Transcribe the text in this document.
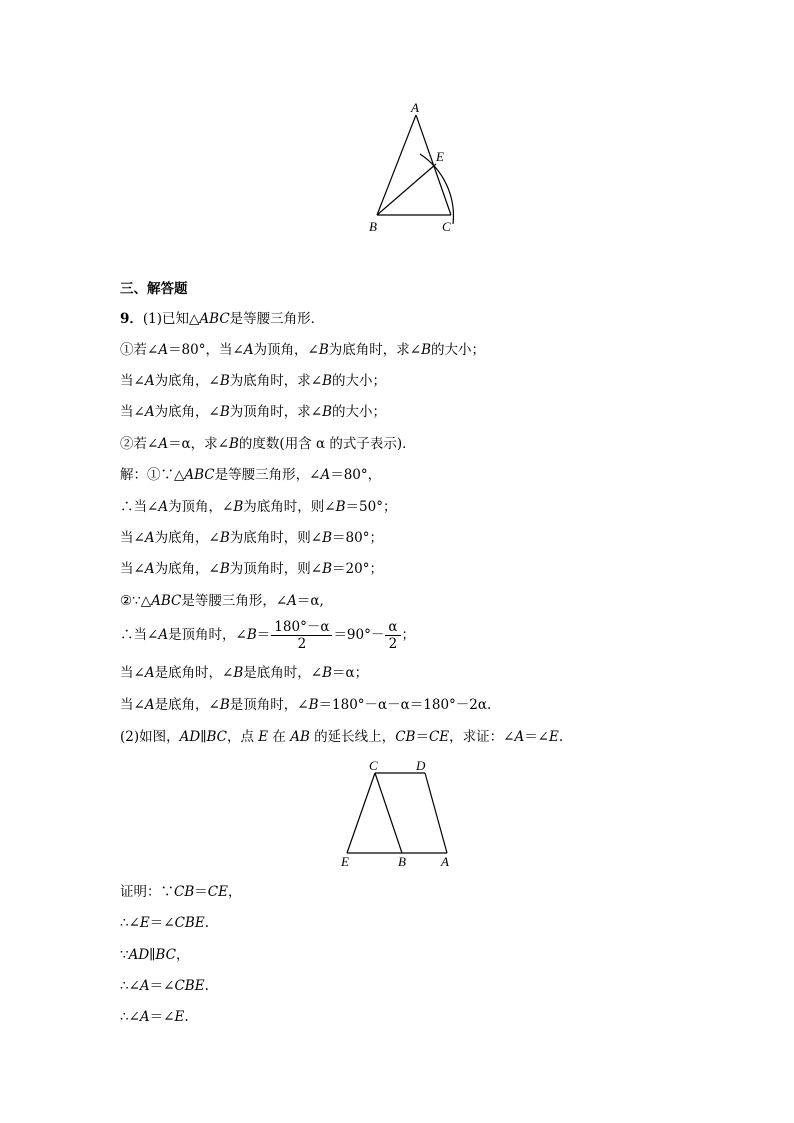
A
E
B	C
三、解答题
9．(1)已知△ABC是等腰三角形．
①若∠A＝80°，当∠A为顶角，∠B为底角时，求∠B的大小；
当∠A为底角，∠B为底角时，求∠B的大小；
当∠A为底角，∠B为顶角时，求∠B的大小；
②若∠A＝α，求∠B的度数(用含 α 的式子表示)．
解：①∵△ABC是等腰三角形，∠A＝80°，
∴当∠A为顶角，∠B为底角时，则∠B＝50°；
当∠A为底角，∠B为底角时，则∠B＝80°；
当∠A为底角，∠B为顶角时，则∠B＝20°；
②∵△ABC是等腰三角形，∠A＝α,
∴当∠A是顶角时，∠B＝ $\frac{180^\circ-\alpha}{2} =90^\circ- \frac{\alpha}{2}$ ；
当∠A是底角时，∠B是底角时，∠B＝α；
当∠A是底角，∠B是顶角时，∠B＝180°－α－α＝180°－2α.
(2)如图，AD∥BC，点 E 在 AB 的延长线上，CB＝CE，求证：∠A＝∠E.
C	D
E	B	A
证明：∵CB＝CE，
∴∠E＝∠CBE.
∵AD∥BC，
∴∠A＝∠CBE.
∴∠A＝∠E.
